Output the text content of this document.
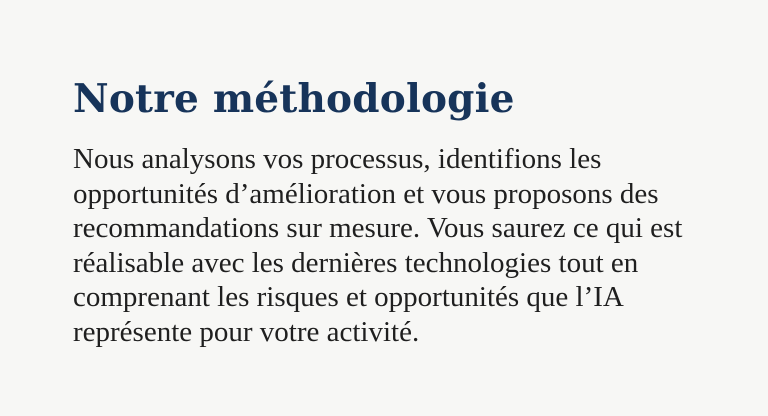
Notre méthodologie
Nous analysons vos processus, identifions les
opportunités d’amélioration et vous proposons des
recommandations sur mesure. Vous saurez ce qui est
réalisable avec les dernières technologies tout en
comprenant les risques et opportunités que l’IA
représente pour votre activité.
